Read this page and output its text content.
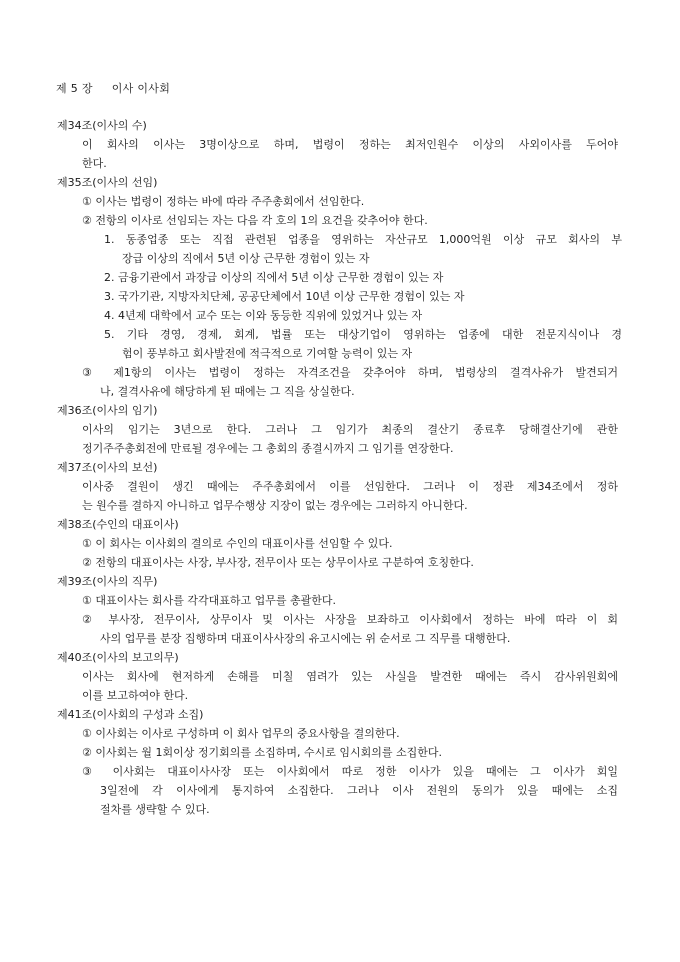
제 5 장     이사 이사회
제34조(이사의 수)
이 회사의 이사는 3명이상으로 하며, 법령이 정하는 최저인원수 이상의 사외이사를 두어야
한다.
제35조(이사의 선임)
① 이사는 법령이 정하는 바에 따라 주주총회에서 선임한다.
② 전항의 이사로 선임되는 자는 다음 각 호의 1의 요건을 갖추어야 한다.
1. 동종업종 또는 직접 관련된 업종을 영위하는 자산규모 1,000억원 이상 규모 회사의 부
장급 이상의 직에서 5년 이상 근무한 경험이 있는 자
2. 금융기관에서 과장급 이상의 직에서 5년 이상 근무한 경험이 있는 자
3. 국가기관, 지방자치단체, 공공단체에서 10년 이상 근무한 경험이 있는 자
4. 4년제 대학에서 교수 또는 이와 동등한 직위에 있었거나 있는 자
5. 기타 경영, 경제, 회계, 법률 또는 대상기업이 영위하는 업종에 대한 전문지식이나 경
험이 풍부하고 회사발전에 적극적으로 기여할 능력이 있는 자
③ 제1항의 이사는 법령이 정하는 자격조건을 갖추어야 하며, 법령상의 결격사유가 발견되거
나, 결격사유에 해당하게 된 때에는 그 직을 상실한다.
제36조(이사의 임기)
이사의 임기는 3년으로 한다. 그러나 그 임기가 최종의 결산기 종료후 당해결산기에 관한
정기주주총회전에 만료될 경우에는 그 총회의 종결시까지 그 임기를 연장한다.
제37조(이사의 보선)
이사중 결원이 생긴 때에는 주주총회에서 이를 선임한다. 그러나 이 정관 제34조에서 정하
는 원수를 결하지 아니하고 업무수행상 지장이 없는 경우에는 그러하지 아니한다.
제38조(수인의 대표이사)
① 이 회사는 이사회의 결의로 수인의 대표이사를 선임할 수 있다.
② 전항의 대표이사는 사장, 부사장, 전무이사 또는 상무이사로 구분하여 호칭한다.
제39조(이사의 직무)
① 대표이사는 회사를 각각대표하고 업무를 총괄한다.
② 부사장, 전무이사, 상무이사 및 이사는 사장을 보좌하고 이사회에서 정하는 바에 따라 이 회
사의 업무를 분장 집행하며 대표이사사장의 유고시에는 위 순서로 그 직무를 대행한다.
제40조(이사의 보고의무)
이사는 회사에 현저하게 손해를 미칠 염려가 있는 사실을 발견한 때에는 즉시 감사위원회에
이를 보고하여야 한다.
제41조(이사회의 구성과 소집)
① 이사회는 이사로 구성하며 이 회사 업무의 중요사항을 결의한다.
② 이사회는 월 1회이상 정기회의를 소집하며, 수시로 임시회의를 소집한다.
③ 이사회는 대표이사사장 또는 이사회에서 따로 정한 이사가 있을 때에는 그 이사가 회일
3일전에 각 이사에게 통지하여 소집한다. 그러나 이사 전원의 동의가 있을 때에는 소집
절차를 생략할 수 있다.
